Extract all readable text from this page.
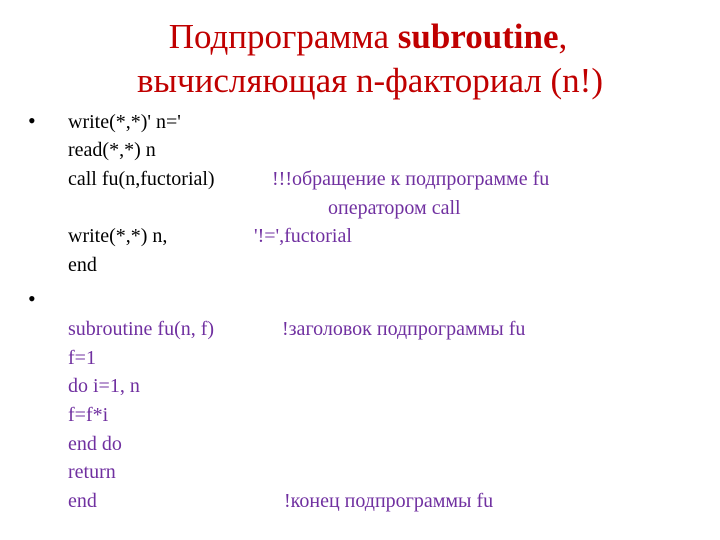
Подпрограмма subroutine,
вычисляющая n-факториал (n!)
• write(*,*)' n='
read(*,*) n
call fu(n,fuctorial)	!!!обращение к подпрограмме fu
оператором call
write(*,*) n,	'!=',fuctorial
end
•
subroutine fu(n, f)	!заголовок подпрограммы fu
f=1
do i=1, n
f=f*i
end do
return
end	!конец подпрограммы fu
